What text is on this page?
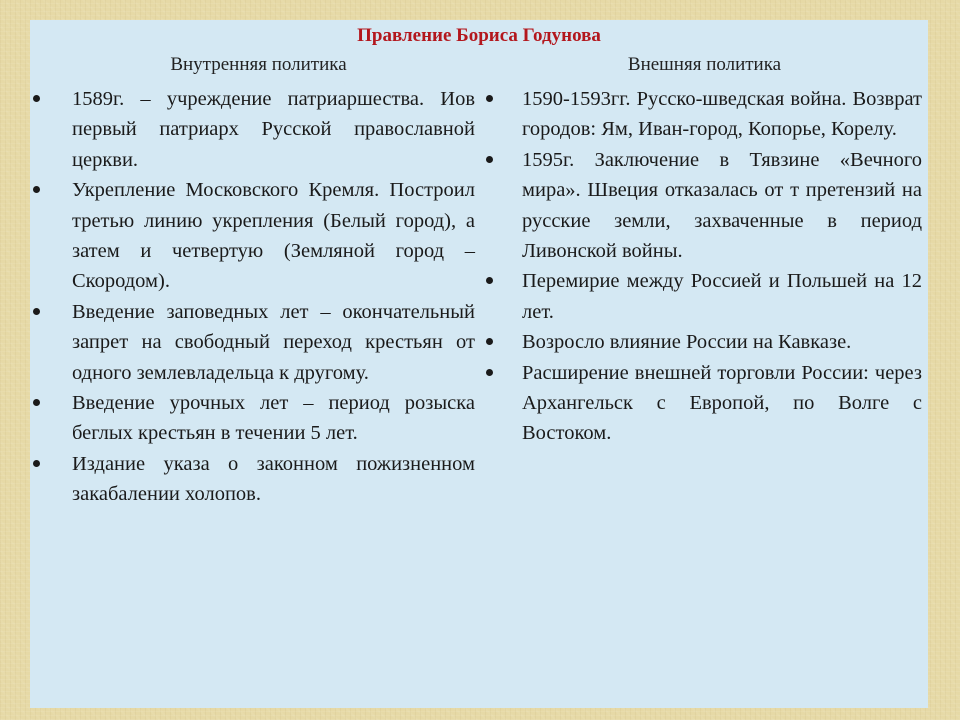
Правление Бориса Годунова
Внутренняя политика
1589г. – учреждение патриаршества. Иов первый патриарх Русской православной церкви.
Укрепление Московского Кремля. Построил третью линию укрепления (Белый город), а затем и четвертую (Земляной город – Скородом).
Введение заповедных лет – окончательный запрет на свободный переход крестьян от одного землевладельца к другому.
Введение урочных лет – период розыска беглых крестьян в течении 5 лет.
Издание указа о законном пожизненном закабалении холопов.
Внешняя политика
1590-1593гг. Русско-шведская война. Возврат городов: Ям, Иван-город, Копорье, Корелу.
1595г. Заключение в Тявзине «Вечного мира». Швеция отказалась от т претензий на русские земли, захваченные в период Ливонской войны.
Перемирие между Россией и Польшей на 12 лет.
Возросло влияние России на Кавказе.
Расширение внешней торговли России: через Архангельск с Европой, по Волге с Востоком.
